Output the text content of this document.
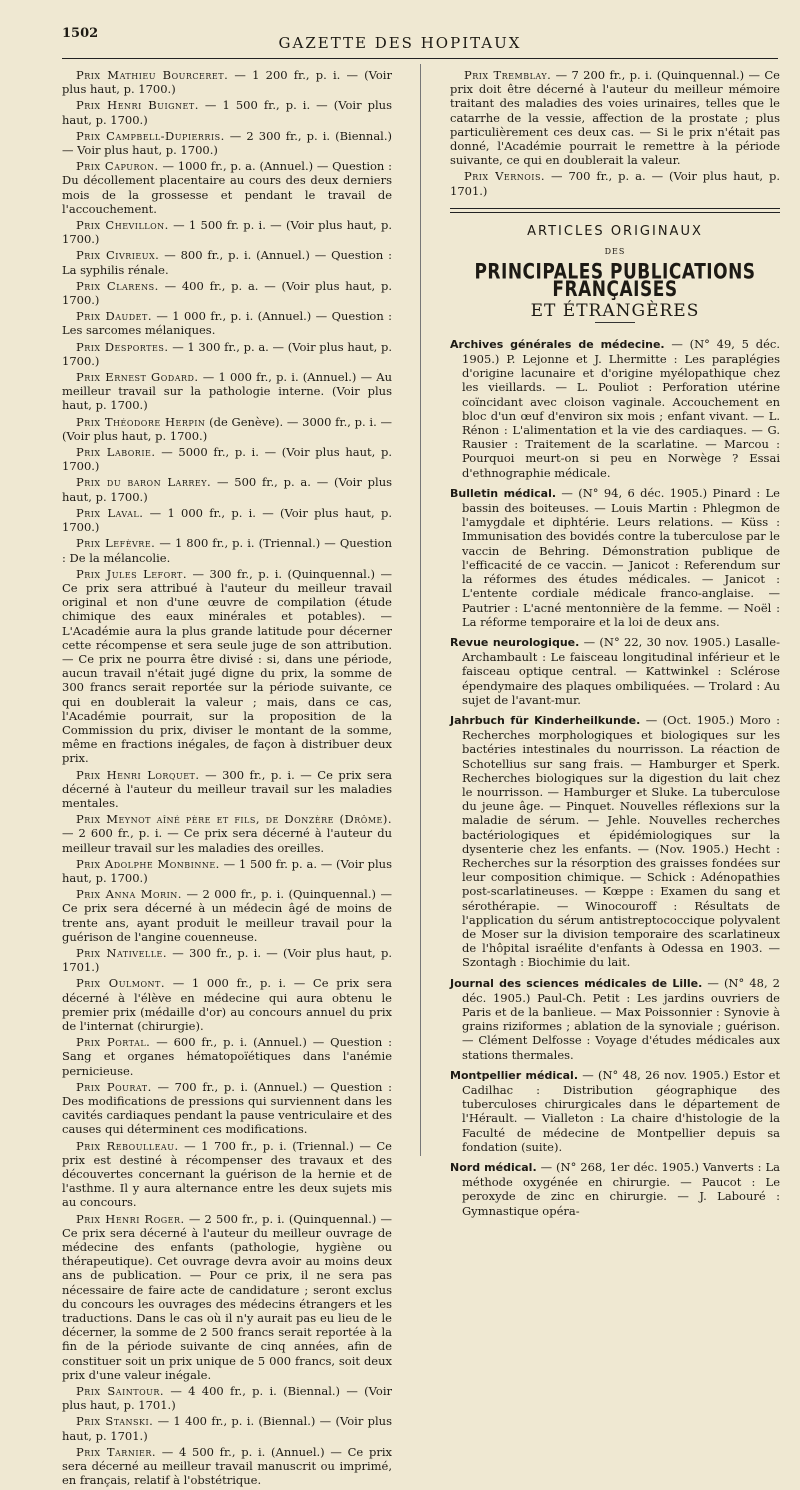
1502
GAZETTE DES HOPITAUX

Prix Mathieu Bourceret. — 1 200 fr., p. i. — (Voir plus haut, p. 1700.)

Prix Henri Buignet. — 1 500 fr., p. i. — (Voir plus haut, p. 1700.)

Prix Campbell-Dupierris. — 2 300 fr., p. i. (Biennal.) — Voir plus haut, p. 1700.)

Prix Capuron. — 1000 fr., p. a. (Annuel.) — Question : Du décollement placentaire au cours des deux derniers mois de la grossesse et pendant le travail de l'accouchement.

Prix Chevillon. — 1 500 fr. p. i. — (Voir plus haut, p. 1700.)

Prix Civrieux. — 800 fr., p. i. (Annuel.) — Question : La syphilis rénale.

Prix Clarens. — 400 fr., p. a. — (Voir plus haut, p. 1700.)

Prix Daudet. — 1 000 fr., p. i. (Annuel.) — Question : Les sarcomes mélaniques.

Prix Desportes. — 1 300 fr., p. a. — (Voir plus haut, p. 1700.)

Prix Ernest Godard. — 1 000 fr., p. i. (Annuel.) — Au meilleur travail sur la pathologie interne. (Voir plus haut, p. 1700.)

Prix Théodore Herpin (de Genève). — 3000 fr., p. i. — (Voir plus haut, p. 1700.)

Prix Laborie. — 5000 fr., p. i. — (Voir plus haut, p. 1700.)

Prix du baron Larrey. — 500 fr., p. a. — (Voir plus haut, p. 1700.)

Prix Laval. — 1 000 fr., p. i. — (Voir plus haut, p. 1700.)

Prix Lefèvre. — 1 800 fr., p. i. (Triennal.) — Question : De la mélancolie.

Prix Jules Lefort. — 300 fr., p. i. (Quinquennal.) — Ce prix sera attribué à l'auteur du meilleur travail original et non d'une œuvre de compilation (étude chimique des eaux minérales et potables). — L'Académie aura la plus grande latitude pour décerner cette récompense et sera seule juge de son attribution. — Ce prix ne pourra être divisé : si, dans une période, aucun travail n'était jugé digne du prix, la somme de 300 francs serait reportée sur la période suivante, ce qui en doublerait la valeur ; mais, dans ce cas, l'Académie pourrait, sur la proposition de la Commission du prix, diviser le montant de la somme, même en fractions inégales, de façon à distribuer deux prix.

Prix Henri Lorquet. — 300 fr., p. i. — Ce prix sera décerné à l'auteur du meilleur travail sur les maladies mentales.

Prix Meynot aîné père et fils, de Donzère (Drôme). — 2 600 fr., p. i. — Ce prix sera décerné à l'auteur du meilleur travail sur les maladies des oreilles.

Prix Adolphe Monbinne. — 1 500 fr. p. a. — (Voir plus haut, p. 1700.)

Prix Anna Morin. — 2 000 fr., p. i. (Quinquennal.) — Ce prix sera décerné à un médecin âgé de moins de trente ans, ayant produit le meilleur travail pour la guérison de l'angine couenneuse.

Prix Nativelle. — 300 fr., p. i. — (Voir plus haut, p. 1701.)

Prix Oulmont. — 1 000 fr., p. i. — Ce prix sera décerné à l'élève en médecine qui aura obtenu le premier prix (médaille d'or) au concours annuel du prix de l'internat (chirurgie).

Prix Portal. — 600 fr., p. i. (Annuel.) — Question : Sang et organes hématopoïétiques dans l'anémie pernicieuse.

Prix Pourat. — 700 fr., p. i. (Annuel.) — Question : Des modifications de pressions qui surviennent dans les cavités cardiaques pendant la pause ventriculaire et des causes qui déterminent ces modifications.

Prix Reboulleau. — 1 700 fr., p. i. (Triennal.) — Ce prix est destiné à récompenser des travaux et des découvertes concernant la guérison de la hernie et de l'asthme. Il y aura alternance entre les deux sujets mis au concours.

Prix Henri Roger. — 2 500 fr., p. i. (Quinquennal.) — Ce prix sera décerné à l'auteur du meilleur ouvrage de médecine des enfants (pathologie, hygiène ou thérapeutique). Cet ouvrage devra avoir au moins deux ans de publication. — Pour ce prix, il ne sera pas nécessaire de faire acte de candidature ; seront exclus du concours les ouvrages des médecins étrangers et les traductions. Dans le cas où il n'y aurait pas eu lieu de le décerner, la somme de 2 500 francs serait reportée à la fin de la période suivante de cinq années, afin de constituer soit un prix unique de 5 000 francs, soit deux prix d'une valeur inégale.

Prix Saintour. — 4 400 fr., p. i. (Biennal.) — (Voir plus haut, p. 1701.)

Prix Stanski. — 1 400 fr., p. i. (Biennal.) — (Voir plus haut, p. 1701.)

Prix Tarnier. — 4 500 fr., p. i. (Annuel.) — Ce prix sera décerné au meilleur travail manuscrit ou imprimé, en français, relatif à l'obstétrique.

Prix Tremblay. — 7 200 fr., p. i. (Quinquennal.) — Ce prix doit être décerné à l'auteur du meilleur mémoire traitant des maladies des voies urinaires, telles que le catarrhe de la vessie, affection de la prostate ; plus particulièrement ces deux cas. — Si le prix n'était pas donné, l'Académie pourrait le remettre à la période suivante, ce qui en doublerait la valeur.

Prix Vernois. — 700 fr., p. a. — (Voir plus haut, p. 1701.)

ARTICLES ORIGINAUX
DES
PRINCIPALES PUBLICATIONS FRANÇAISES
ET ÉTRANGÈRES

Archives générales de médecine. — (N° 49, 5 déc. 1905.) P. Lejonne et J. Lhermitte : Les paraplégies d'origine lacunaire et d'origine myélopathique chez les vieillards. — L. Pouliot : Perforation utérine coïncidant avec cloison vaginale. Accouchement en bloc d'un œuf d'environ six mois ; enfant vivant. — L. Rénon : L'alimentation et la vie des cardiaques. — G. Rausier : Traitement de la scarlatine. — Marcou : Pourquoi meurt-on si peu en Norwège ? Essai d'ethnographie médicale.

Bulletin médical. — (N° 94, 6 déc. 1905.) Pinard : Le bassin des boiteuses. — Louis Martin : Phlegmon de l'amygdale et diphtérie. Leurs relations. — Küss : Immunisation des bovidés contre la tuberculose par le vaccin de Behring. Démonstration publique de l'efficacité de ce vaccin. — Janicot : Referendum sur la réformes des études médicales. — Janicot : L'entente cordiale médicale franco-anglaise. — Pautrier : L'acné mentonnière de la femme. — Noël : La réforme temporaire et la loi de deux ans.

Revue neurologique. — (N° 22, 30 nov. 1905.) Lasalle-Archambault : Le faisceau longitudinal inférieur et le faisceau optique central. — Kattwinkel : Sclérose épendymaire des plaques ombiliquées. — Trolard : Au sujet de l'avant-mur.

Jahrbuch für Kinderheilkunde. — (Oct. 1905.) Moro : Recherches morphologiques et biologiques sur les bactéries intestinales du nourrisson. La réaction de Schotellius sur sang frais. — Hamburger et Sperk. Recherches biologiques sur la digestion du lait chez le nourrisson. — Hamburger et Sluke. La tuberculose du jeune âge. — Pinquet. Nouvelles réflexions sur la maladie de sérum. — Jehle. Nouvelles recherches bactériologiques et épidémiologiques sur la dysenterie chez les enfants. — (Nov. 1905.) Hecht : Recherches sur la résorption des graisses fondées sur leur composition chimique. — Schick : Adénopathies post-scarlatineuses. — Kœppe : Examen du sang et sérothérapie. — Winocouroff : Résultats de l'application du sérum antistreptococcique polyvalent de Moser sur la division temporaire des scarlatineux de l'hôpital israélite d'enfants à Odessa en 1903. — Szontagh : Biochimie du lait.

Journal des sciences médicales de Lille. — (N° 48, 2 déc. 1905.) Paul-Ch. Petit : Les jardins ouvriers de Paris et de la banlieue. — Max Poissonnier : Synovie à grains riziformes ; ablation de la synoviale ; guérison. — Clément Delfosse : Voyage d'études médicales aux stations thermales.

Montpellier médical. — (N° 48, 26 nov. 1905.) Estor et Cadilhac : Distribution géographique des tuberculoses chirurgicales dans le département de l'Hérault. — Vialleton : La chaire d'histologie de la Faculté de médecine de Montpellier depuis sa fondation (suite).

Nord médical. — (N° 268, 1er déc. 1905.) Vanverts : La méthode oxygénée en chirurgie. — Paucot : Le peroxyde de zinc en chirurgie. — J. Labouré : Gymnastique opéra-
